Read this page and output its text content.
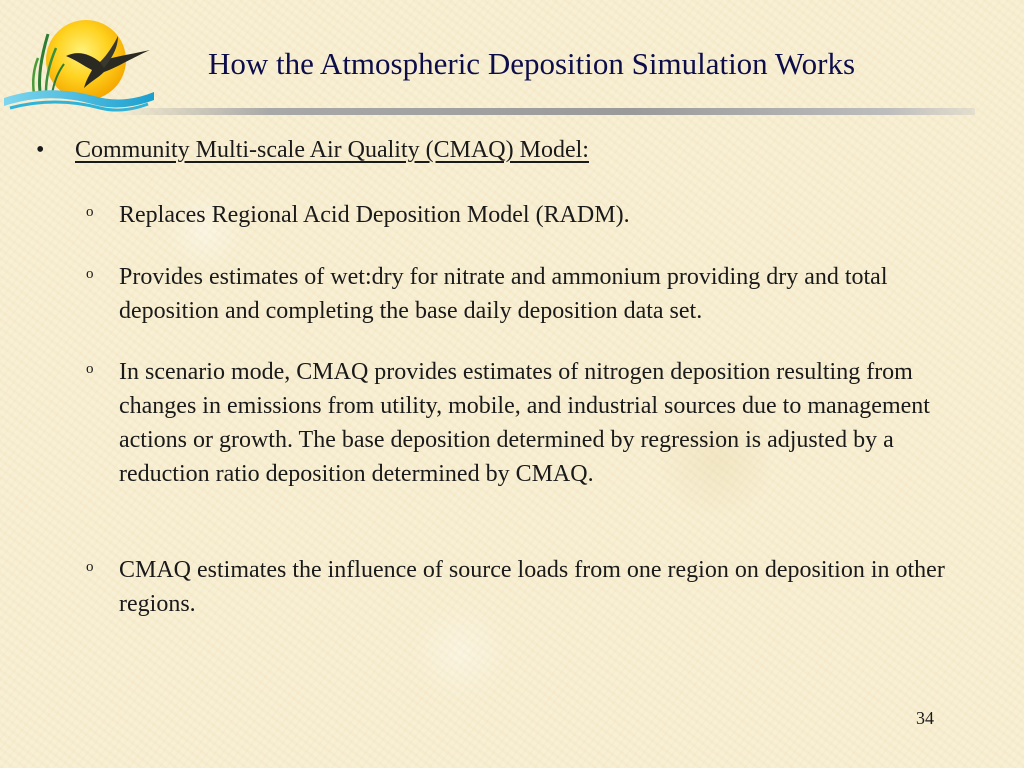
How the Atmospheric Deposition Simulation Works
• Community Multi-scale Air Quality (CMAQ) Model:
o Replaces Regional Acid Deposition Model (RADM).
o Provides estimates of wet:dry for nitrate and ammonium providing dry and total deposition and completing the base daily deposition data set.
o In scenario mode, CMAQ provides estimates of nitrogen deposition resulting from changes in emissions from utility, mobile, and industrial sources due to management actions or growth. The base deposition determined by regression is adjusted by a reduction ratio deposition determined by CMAQ.
o CMAQ estimates the influence of source loads from one region on deposition in other regions.
34
